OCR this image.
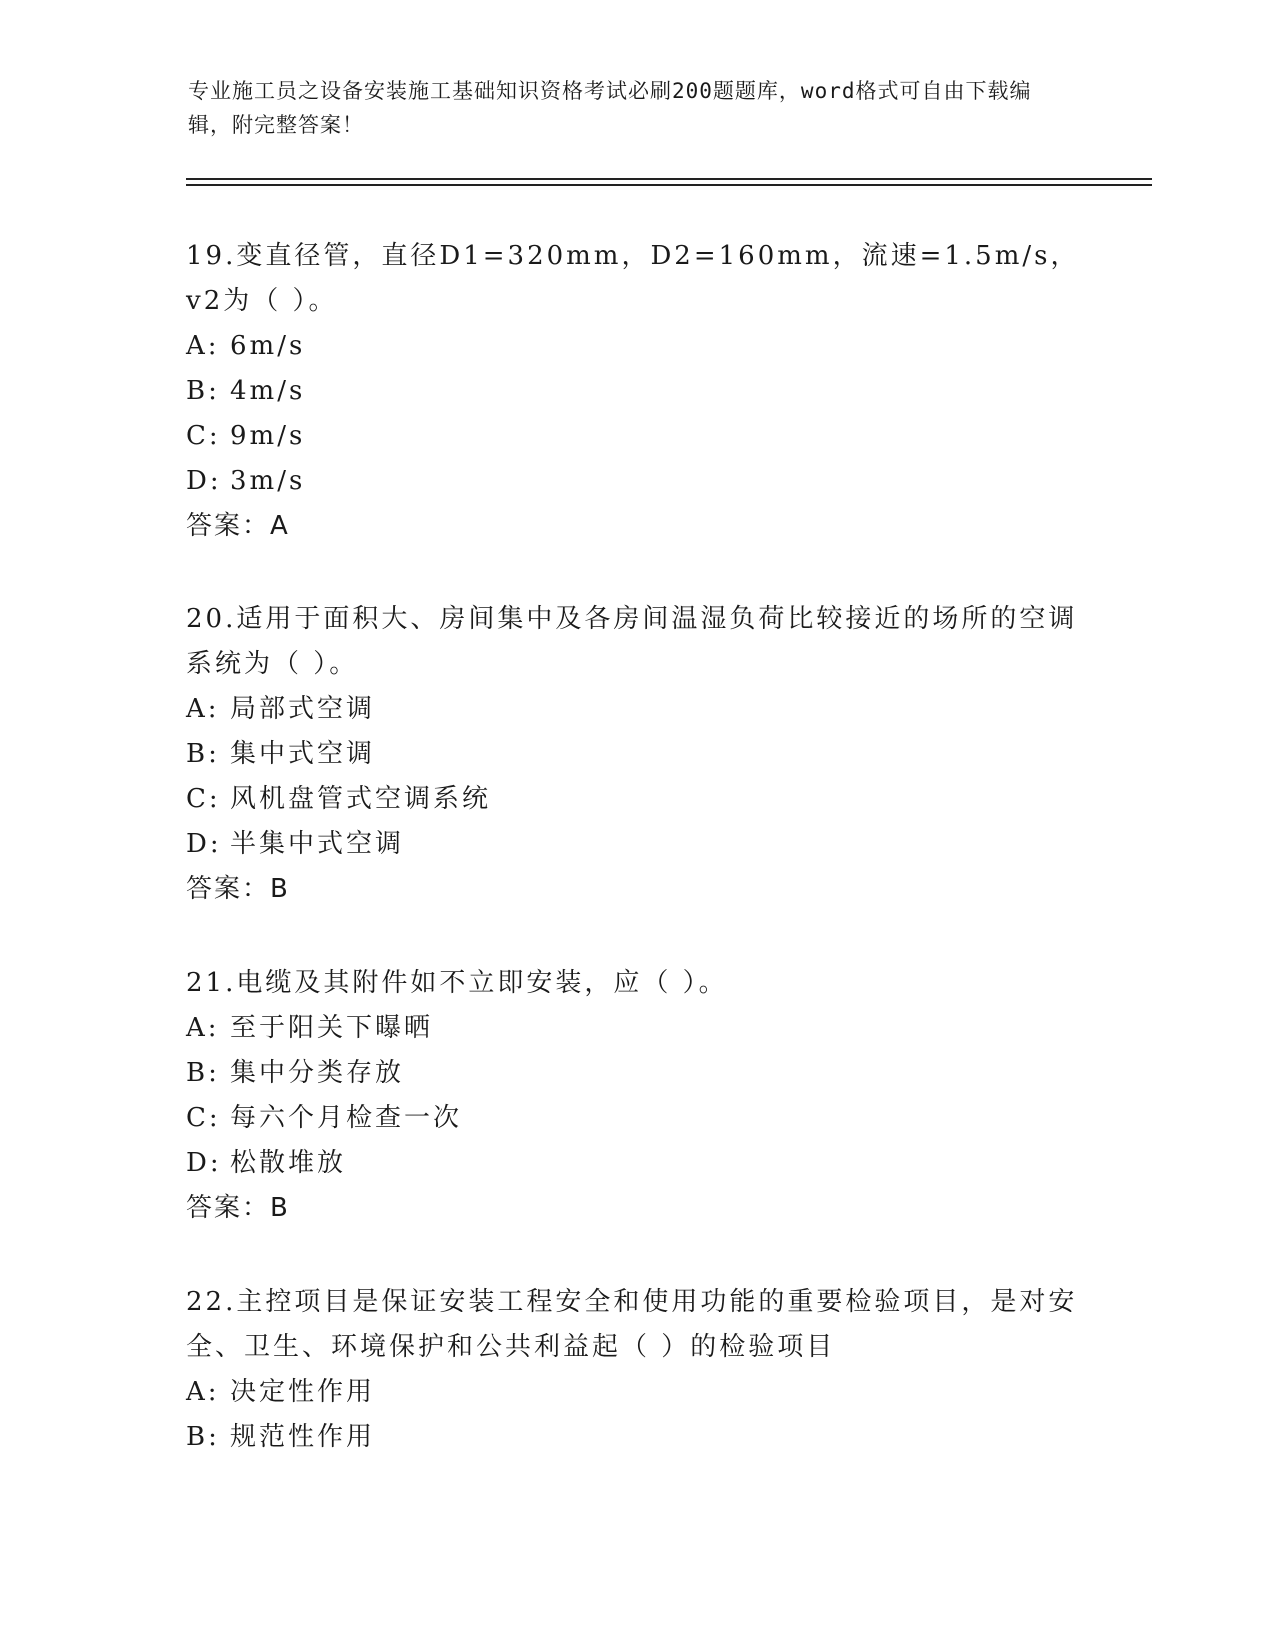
专业施工员之设备安装施工基础知识资格考试必刷200题题库，word格式可自由下载编辑，附完整答案！

19.变直径管，直径D1=320mm，D2=160mm，流速=1.5m/s，v2为（ ）。

A: 6m/s

B: 4m/s

C: 9m/s

D: 3m/s

答案：A

20.适用于面积大、房间集中及各房间温湿负荷比较接近的场所的空调系统为（ ）。

A: 局部式空调

B: 集中式空调

C: 风机盘管式空调系统

D: 半集中式空调

答案：B

21.电缆及其附件如不立即安装，应（ ）。

A: 至于阳关下曝晒

B: 集中分类存放

C: 每六个月检查一次

D: 松散堆放

答案：B

22.主控项目是保证安装工程安全和使用功能的重要检验项目，是对安全、卫生、环境保护和公共利益起（ ）的检验项目

A: 决定性作用

B: 规范性作用
